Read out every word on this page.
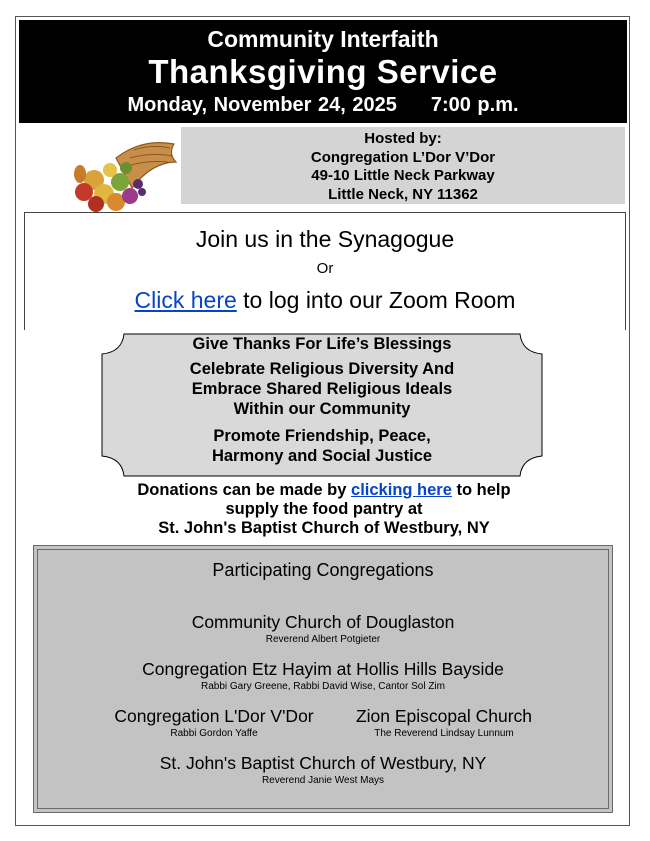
Community Interfaith
Thanksgiving Service
Monday, November 24, 2025 7:00 p.m.
Hosted by:
Congregation L’Dor V’Dor
49-10 Little Neck Parkway
Little Neck, NY 11362
Join us in the Synagogue
Or
Click here to log into our Zoom Room
Give Thanks For Life’s Blessings
Celebrate Religious Diversity And
Embrace Shared Religious Ideals
Within our Community
Promote Friendship, Peace,
Harmony and Social Justice
Donations can be made by clicking here to help
supply the food pantry at
St. John's Baptist Church of Westbury, NY
Participating Congregations
Community Church of Douglaston
Reverend Albert Potgieter
Congregation Etz Hayim at Hollis Hills Bayside
Rabbi Gary Greene, Rabbi David Wise, Cantor Sol Zim
Congregation L'Dor V'Dor
Rabbi Gordon Yaffe
Zion Episcopal Church
The Reverend Lindsay Lunnum
St. John's Baptist Church of Westbury, NY
Reverend Janie West Mays
